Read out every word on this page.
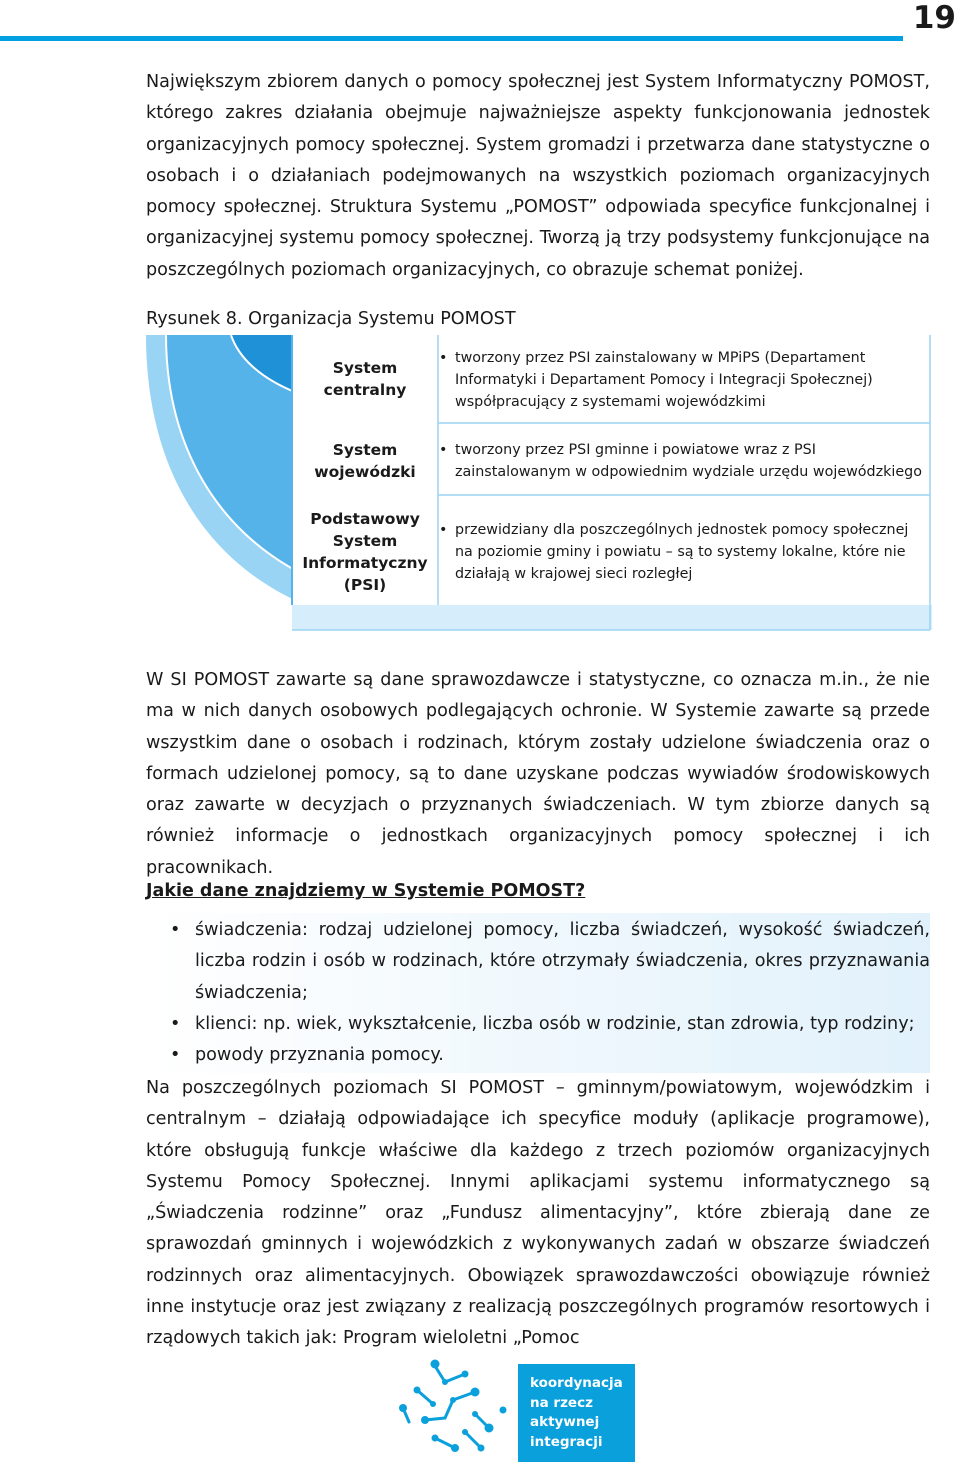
19
Największym zbiorem danych o pomocy społecznej jest System Informatyczny POMOST, którego zakres działania obejmuje najważniejsze aspekty funkcjonowania jednostek organizacyjnych pomocy społecznej. System gromadzi i przetwarza dane statystyczne o osobach i o działaniach podejmowanych na wszystkich poziomach organizacyjnych pomocy społecznej. Struktura Systemu „POMOST” odpowiada specyfice funkcjonalnej i organizacyjnej systemu pomocy społecznej. Tworzą ją trzy podsystemy funkcjonujące na poszczególnych poziomach organizacyjnych, co obrazuje schemat poniżej.
Rysunek 8. Organizacja Systemu POMOST
System centralny
System wojewódzki
Podstawowy System Informatyczny (PSI)
• tworzony przez PSI zainstalowany w MPiPS (Departament Informatyki i Departament Pomocy i Integracji Społecznej) współpracujący z systemami wojewódzkimi
• tworzony przez PSI gminne i powiatowe wraz z PSI zainstalowanym w odpowiednim wydziale urzędu wojewódzkiego
• przewidziany dla poszczególnych jednostek pomocy społecznej na poziomie gminy i powiatu – są to systemy lokalne, które nie działają w krajowej sieci rozległej
W SI POMOST zawarte są dane sprawozdawcze i statystyczne, co oznacza m.in., że nie ma w nich danych osobowych podlegających ochronie. W Systemie zawarte są przede wszystkim dane o osobach i rodzinach, którym zostały udzielone świadczenia oraz o formach udzielonej pomocy, są to dane uzyskane podczas wywiadów środowiskowych oraz zawarte w decyzjach o przyznanych świadczeniach. W tym zbiorze danych są również informacje o jednostkach organizacyjnych pomocy społecznej i ich pracownikach.
Jakie dane znajdziemy w Systemie POMOST?
• świadczenia: rodzaj udzielonej pomocy, liczba świadczeń, wysokość świadczeń, liczba rodzin i osób w rodzinach, które otrzymały świadczenia, okres przyznawania świadczenia;
• klienci: np. wiek, wykształcenie, liczba osób w rodzinie, stan zdrowia, typ rodziny;
• powody przyznania pomocy.
Na poszczególnych poziomach SI POMOST – gminnym/powiatowym, wojewódzkim i centralnym – działają odpowiadające ich specyfice moduły (aplikacje programowe), które obsługują funkcje właściwe dla każdego z trzech poziomów organizacyjnych Systemu Pomocy Społecznej. Innymi aplikacjami systemu informatycznego są „Świadczenia rodzinne” oraz „Fundusz alimentacyjny”, które zbierają dane ze sprawozdań gminnych i wojewódzkich z wykonywanych zadań w obszarze świadczeń rodzinnych oraz alimentacyjnych. Obowiązek sprawozdawczości obowiązuje również inne instytucje oraz jest związany z realizacją poszczególnych programów resortowych i rządowych takich jak: Program wieloletni „Pomoc
koordynacja
na rzecz
aktywnej
integracji
